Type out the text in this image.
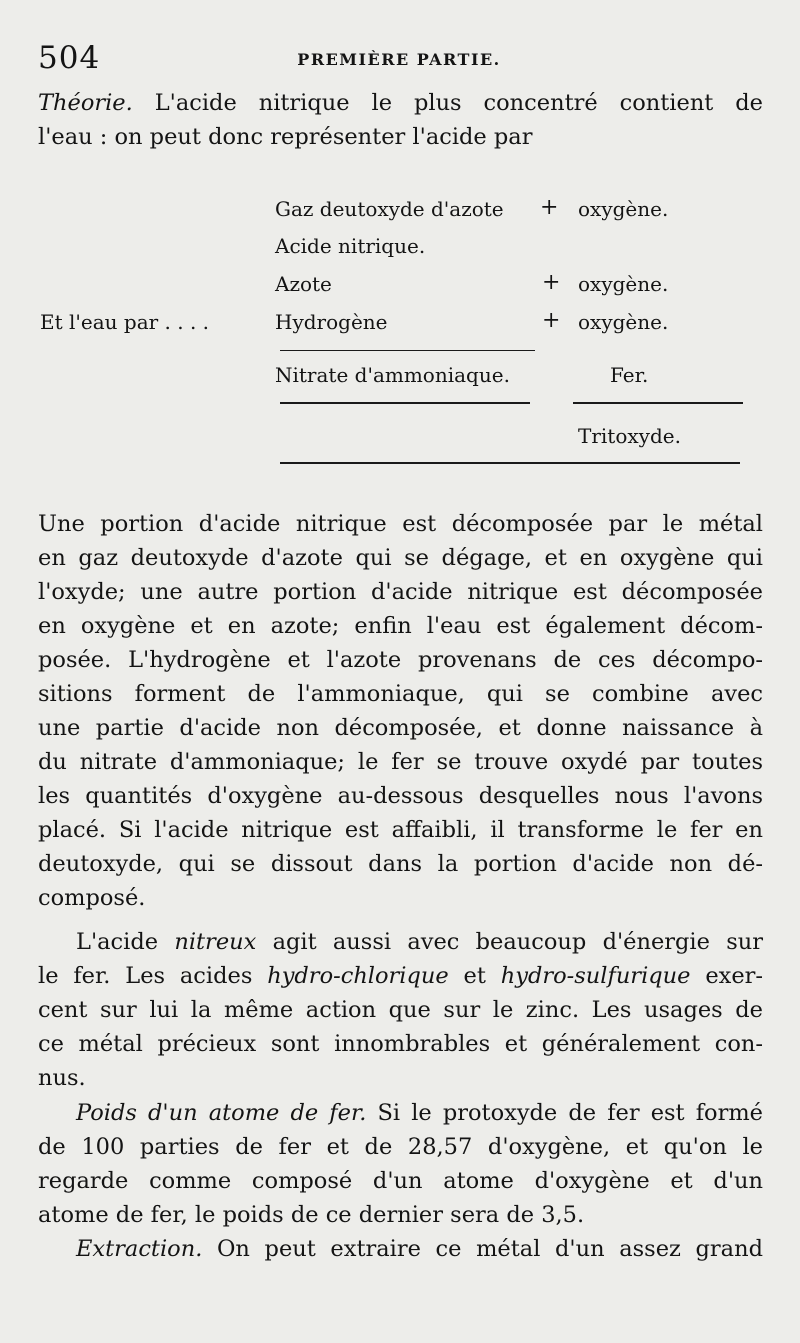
504	PREMIÈRE PARTIE.
Théorie. L'acide nitrique le plus concentré contient de
l'eau : on peut donc représenter l'acide par
Gaz deutoxyde d'azote + oxygène.
Acide nitrique.
Azote	+ oxygène.
Et l'eau par . . . .	Hydrogène	+ oxygène.
Nitrate d'ammoniaque.	Fer.
Tritoxyde.
Une portion d'acide nitrique est décomposée par le métal
en gaz deutoxyde d'azote qui se dégage, et en oxygène qui
l'oxyde; une autre portion d'acide nitrique est décomposée
en oxygène et en azote; enfin l'eau est également décom-
posée. L'hydrogène et l'azote provenans de ces décompo-
sitions forment de l'ammoniaque, qui se combine avec
une partie d'acide non décomposée, et donne naissance à
du nitrate d'ammoniaque; le fer se trouve oxydé par toutes
les quantités d'oxygène au-dessous desquelles nous l'avons
placé. Si l'acide nitrique est affaibli, il transforme le fer en
deutoxyde, qui se dissout dans la portion d'acide non dé-
composé.
L'acide nitreux agit aussi avec beaucoup d'énergie sur
le fer. Les acides hydro-chlorique et hydro-sulfurique exer-
cent sur lui la même action que sur le zinc. Les usages de
ce métal précieux sont innombrables et généralement con-
nus.
Poids d'un atome de fer. Si le protoxyde de fer est formé
de 100 parties de fer et de 28,57 d'oxygène, et qu'on le
regarde comme composé d'un atome d'oxygène et d'un
atome de fer, le poids de ce dernier sera de 3,5.
Extraction. On peut extraire ce métal d'un assez grand
